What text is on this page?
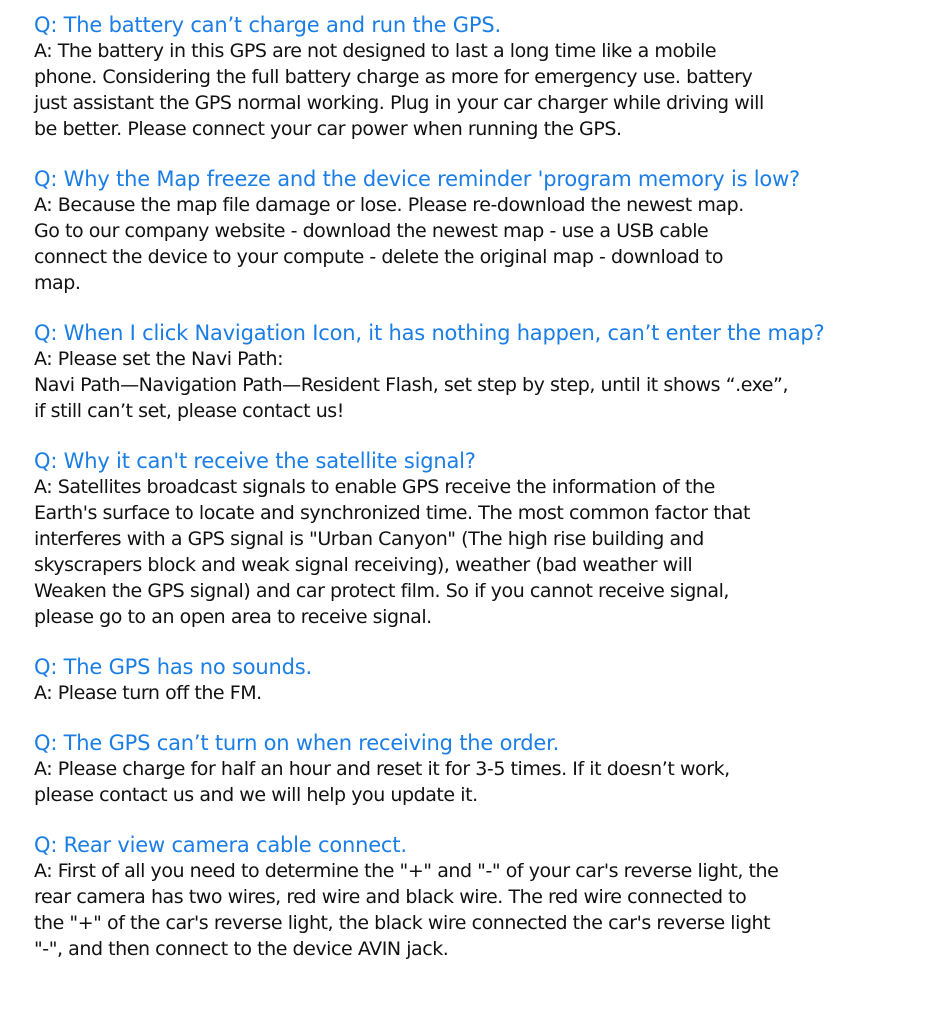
Q: The battery can’t charge and run the GPS.
A: The battery in this GPS are not designed to last a long time like a mobile
phone. Considering the full battery charge as more for emergency use. battery
just assistant the GPS normal working. Plug in your car charger while driving will
be better. Please connect your car power when running the GPS.
Q: Why the Map freeze and the device reminder 'program memory is low?
A: Because the map file damage or lose. Please re-download the newest map.
Go to our company website - download the newest map - use a USB cable
connect the device to your compute - delete the original map - download to
map.
Q: When I click Navigation Icon, it has nothing happen, can’t enter the map?
A: Please set the Navi Path:
Navi Path—Navigation Path—Resident Flash, set step by step, until it shows “.exe”,
if still can’t set, please contact us!
Q: Why it can't receive the satellite signal?
A: Satellites broadcast signals to enable GPS receive the information of the
Earth's surface to locate and synchronized time. The most common factor that
interferes with a GPS signal is "Urban Canyon" (The high rise building and
skyscrapers block and weak signal receiving), weather (bad weather will
Weaken the GPS signal) and car protect film. So if you cannot receive signal,
please go to an open area to receive signal.
Q: The GPS has no sounds.
A: Please turn off the FM.
Q: The GPS can’t turn on when receiving the order.
A: Please charge for half an hour and reset it for 3-5 times. If it doesn’t work,
please contact us and we will help you update it.
Q: Rear view camera cable connect.
A: First of all you need to determine the "+" and "-" of your car's reverse light, the
rear camera has two wires, red wire and black wire. The red wire connected to
the "+" of the car's reverse light, the black wire connected the car's reverse light
"-", and then connect to the device AVIN jack.
